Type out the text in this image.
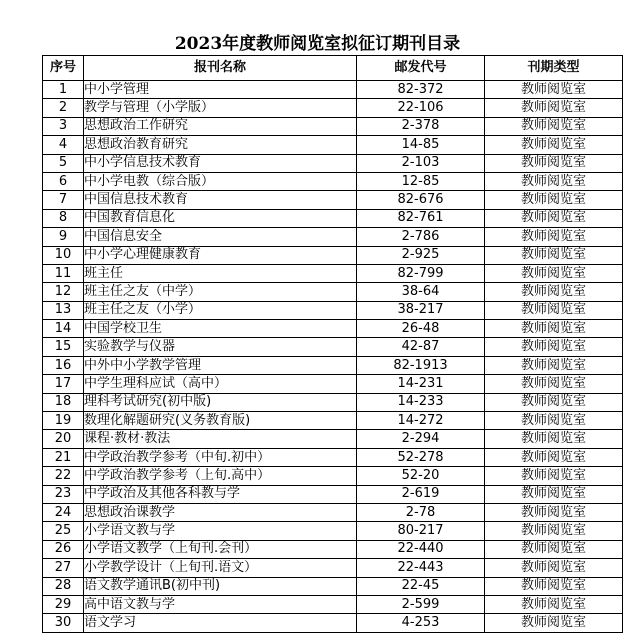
2023年度教师阅览室拟征订期刊目录
序号	报刊名称	邮发代号	刊期类型
1	中小学管理	82-372	教师阅览室
2	教学与管理（小学版）	22-106	教师阅览室
3	思想政治工作研究	2-378	教师阅览室
4	思想政治教育研究	14-85	教师阅览室
5	中小学信息技术教育	2-103	教师阅览室
6	中小学电教（综合版）	12-85	教师阅览室
7	中国信息技术教育	82-676	教师阅览室
8	中国教育信息化	82-761	教师阅览室
9	中国信息安全	2-786	教师阅览室
10	中小学心理健康教育	2-925	教师阅览室
11	班主任	82-799	教师阅览室
12	班主任之友（中学）	38-64	教师阅览室
13	班主任之友（小学）	38-217	教师阅览室
14	中国学校卫生	26-48	教师阅览室
15	实验教学与仪器	42-87	教师阅览室
16	中外中小学教学管理	82-1913	教师阅览室
17	中学生理科应试（高中）	14-231	教师阅览室
18	理科考试研究(初中版)	14-233	教师阅览室
19	数理化解题研究(义务教育版)	14-272	教师阅览室
20	课程·教材·教法	2-294	教师阅览室
21	中学政治教学参考（中旬.初中）	52-278	教师阅览室
22	中学政治教学参考（上旬.高中）	52-20	教师阅览室
23	中学政治及其他各科教与学	2-619	教师阅览室
24	思想政治课教学	2-78	教师阅览室
25	小学语文教与学	80-217	教师阅览室
26	小学语文教学（上旬刊.会刊）	22-440	教师阅览室
27	小学教学设计（上旬刊.语文）	22-443	教师阅览室
28	语文教学通讯B(初中刊)	22-45	教师阅览室
29	高中语文教与学	2-599	教师阅览室
30	语文学习	4-253	教师阅览室
